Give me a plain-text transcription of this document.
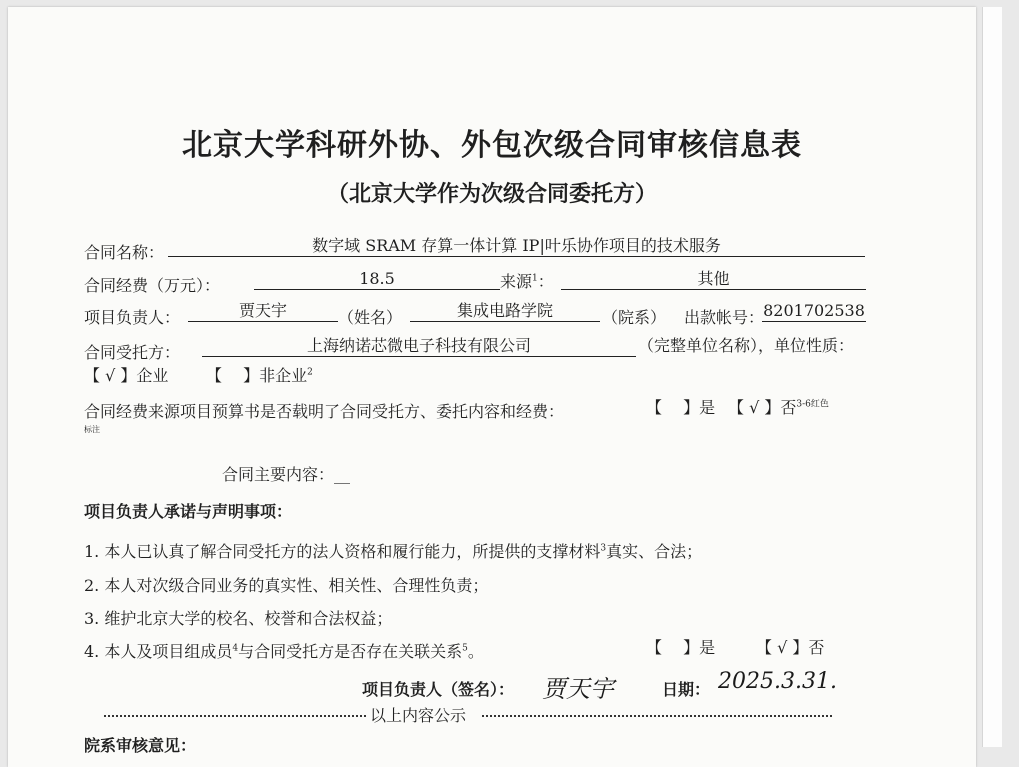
北京大学科研外协、外包次级合同审核信息表
（北京大学作为次级合同委托方）
合同名称：	数字域 SRAM 存算一体计算 IP|叶乐协作项目的技术服务
合同经费（万元）：	18.5	来源$^1$：	其他
项目负责人：	贾天宇	（姓名）	集成电路学院	（院系） 出款帐号： 8201702538
合同受托方：	上海纳诺芯微电子科技有限公司	（完整单位名称），单位性质：
【 √ 】企业 【　 】非企业$^2$
合同经费来源项目预算书是否载明了合同受托方、委托内容和经费：	【　 】是 【 √ 】否$^{3-6红色}$
标注
合同主要内容：__
项目负责人承诺与声明事项：
1. 本人已认真了解合同受托方的法人资格和履行能力，所提供的支撑材料$^3$真实、合法；
2. 本人对次级合同业务的真实性、相关性、合理性负责；
3. 维护北京大学的校名、校誉和合法权益；
4. 本人及项目组成员$^4$与合同受托方是否存在关联关系$^5$。	【　 】是	【 √ 】否
项目负责人（签名）： 贾天宇	日期： 2025.3.31.
以上内容公示
院系审核意见：
